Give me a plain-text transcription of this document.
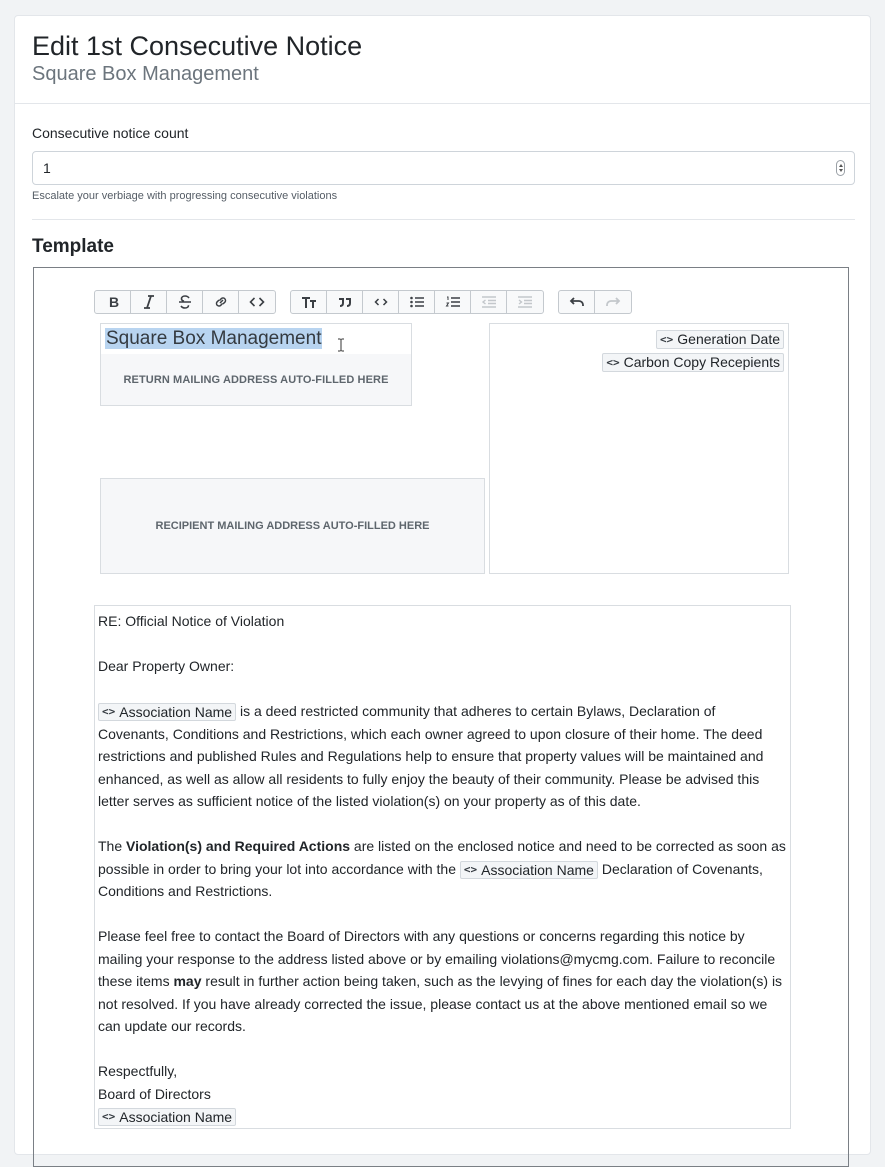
Edit 1st Consecutive Notice
Square Box Management
Consecutive notice count
1
Escalate your verbiage with progressing consecutive violations
Template
B
Square Box Management
RETURN MAILING ADDRESS AUTO-FILLED HERE
<> Generation Date
<> Carbon Copy Recepients
RECIPIENT MAILING ADDRESS AUTO-FILLED HERE

RE: Official Notice of Violation

Dear Property Owner:

<> Association Name is a deed restricted community that adheres to certain Bylaws, Declaration of Covenants, Conditions and Restrictions, which each owner agreed to upon closure of their home. The deed restrictions and published Rules and Regulations help to ensure that property values will be maintained and enhanced, as well as allow all residents to fully enjoy the beauty of their community. Please be advised this letter serves as sufficient notice of the listed violation(s) on your property as of this date.

The Violation(s) and Required Actions are listed on the enclosed notice and need to be corrected as soon as possible in order to bring your lot into accordance with the <> Association Name Declaration of Covenants, Conditions and Restrictions.

Please feel free to contact the Board of Directors with any questions or concerns regarding this notice by mailing your response to the address listed above or by emailing violations@mycmg.com. Failure to reconcile these items may result in further action being taken, such as the levying of fines for each day the violation(s) is not resolved. If you have already corrected the issue, please contact us at the above mentioned email so we can update our records.

Respectfully,

Board of Directors

<> Association Name
